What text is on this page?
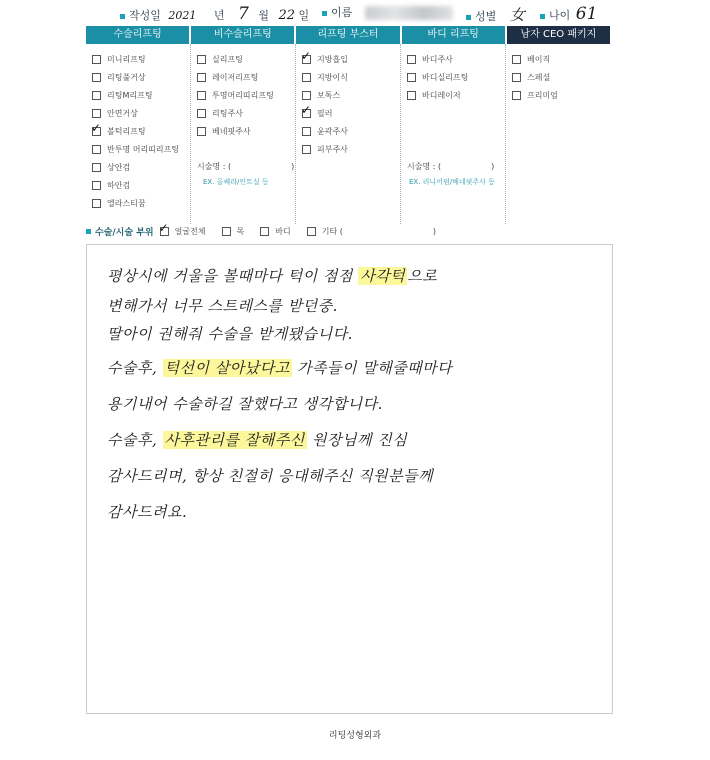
작성일 2021 년 7 월 22 일	이름	성별 女	나이 61
수술리프팅	비수술리프팅	리프팅 부스터	바디 리프팅	남자 CEO 패키지
미니리프팅
리팅풀거상
리팅M리프팅
안면거상
✓
볼턱리프팅
반투명 머리띠리프팅
상안검
하안검
엘라스티꿈
실리프팅
레이저리프팅
투명머리띠리프팅
리팅주사
베네핏주사
시술명 : (	)
EX. 올쎄라/인트실 등
✓
지방흡입
지방이식
보톡스
✓
필러
윤곽주사
피부주사
바디주사
바디실리프팅
바디레이저
시술명 : (	)
EX. 리니어펌/베네핏주사 등
베이직
스페셜
프리미엄
수술/시술 부위
✓	얼굴전체	목	바디	기타 (	)
평상시에 거울을 볼때마다 턱이 점점 사각턱 으로
변해가서 너무 스트레스를 받던중.
딸아이 권해줘 수술을 받게됐습니다.
수술후, 턱선이 살아났다고 가족들이 말해줄때마다
용기내어 수술하길 잘했다고 생각합니다.
수술후, 사후관리를 잘해주신 원장님께 진심
감사드리며, 항상 친절히 응대해주신 직원분들께
감사드려요.
리팅성형외과
